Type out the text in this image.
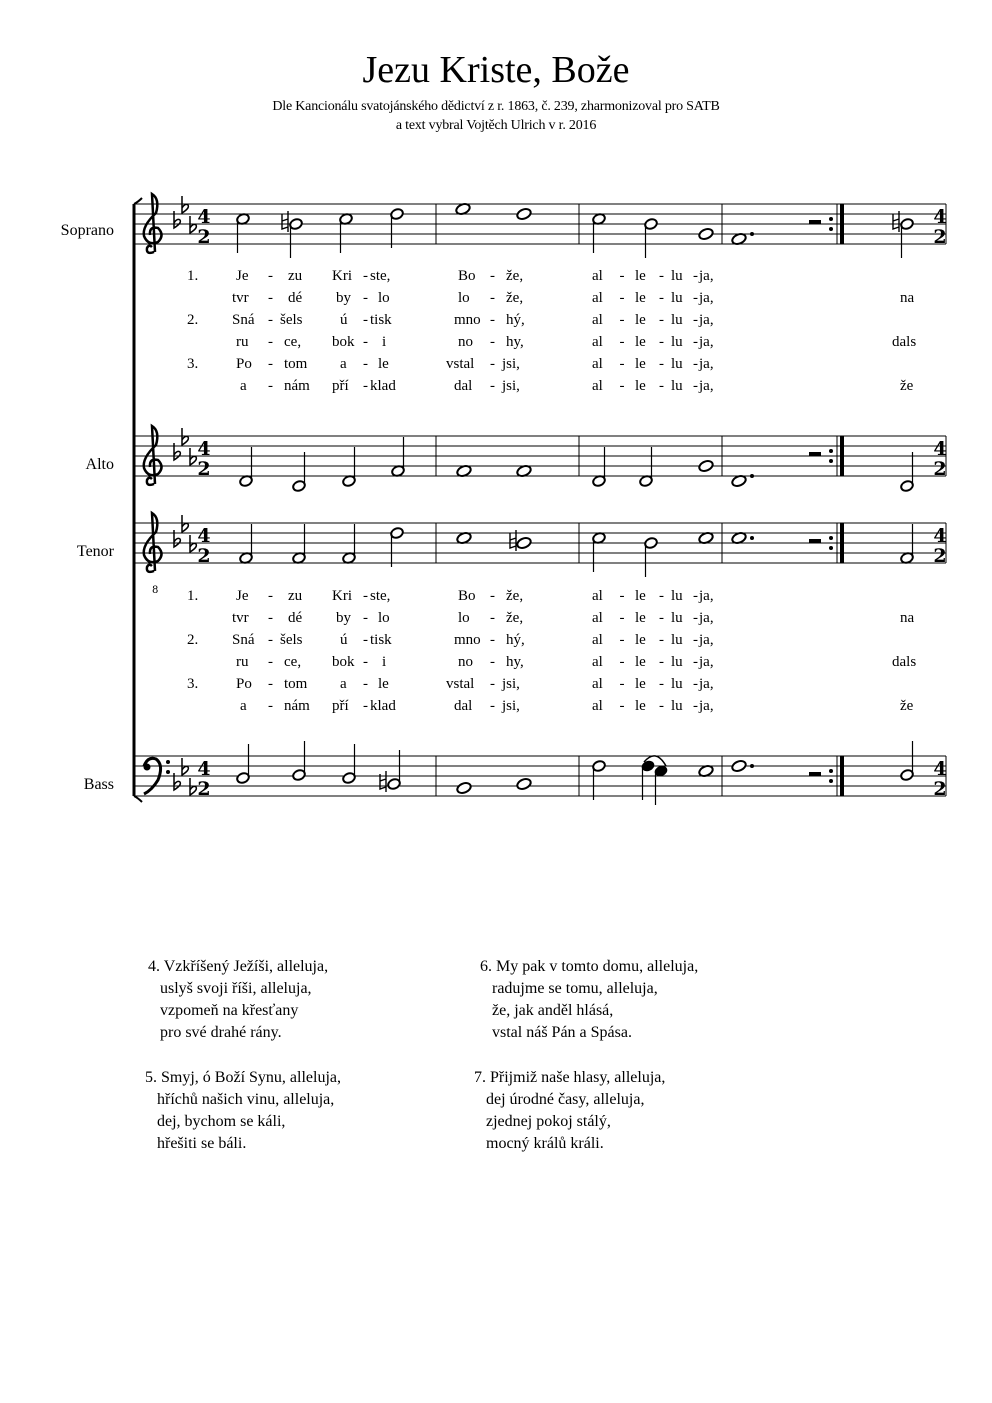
Jezu Kriste, Bože
Dle Kancionálu svatojánského dědictví z r. 1863, č. 239, zharmonizoval pro SATB
a text vybral Vojtěch Ulrich v r. 2016
Soprano
Alto
Tenor
Bass
4
2
4
2
4
2
4
2
4
2
4
2
4
2
4
2
8
1.	Je - zu Kri - ste,	Bo - že,	al - le - lu - ja,
tvr - dé by - lo	lo - že,	al - le - lu - ja,	na
2. Sná - šels	ú - tisk	mno - hý,	al - le - lu - ja,
ru - ce, bok - i	no - hy,	al - le - lu - ja,	dals
3.	Po - tom a - le	vstal - jsi,	al - le - lu - ja,
a - nám pří - klad	dal - jsi,	al - le - lu - ja,	že
1.	Je - zu Kri - ste,	Bo - že,	al - le - lu - ja,
tvr - dé by - lo	lo - že,	al - le - lu - ja,	na
2. Sná - šels	ú - tisk	mno - hý,	al - le - lu - ja,
ru - ce, bok - i	no - hy,	al - le - lu - ja,	dals
3.	Po - tom a - le	vstal - jsi,	al - le - lu - ja,
a - nám pří - klad	dal - jsi,	al - le - lu - ja,	že
4. Vzkříšený Ježíši, alleluja,
uslyš svoji říši, alleluja,
vzpomeň na křesťany
pro své drahé rány.
6. My pak v tomto domu, alleluja,
radujme se tomu, alleluja,
že, jak anděl hlásá,
vstal náš Pán a Spása.
5. Smyj, ó Boží Synu, alleluja,
hříchů našich vinu, alleluja,
dej, bychom se káli,
hřešiti se báli.
7. Přijmiž naše hlasy, alleluja,
dej úrodné časy, alleluja,
zjednej pokoj stálý,
mocný králů králi.
